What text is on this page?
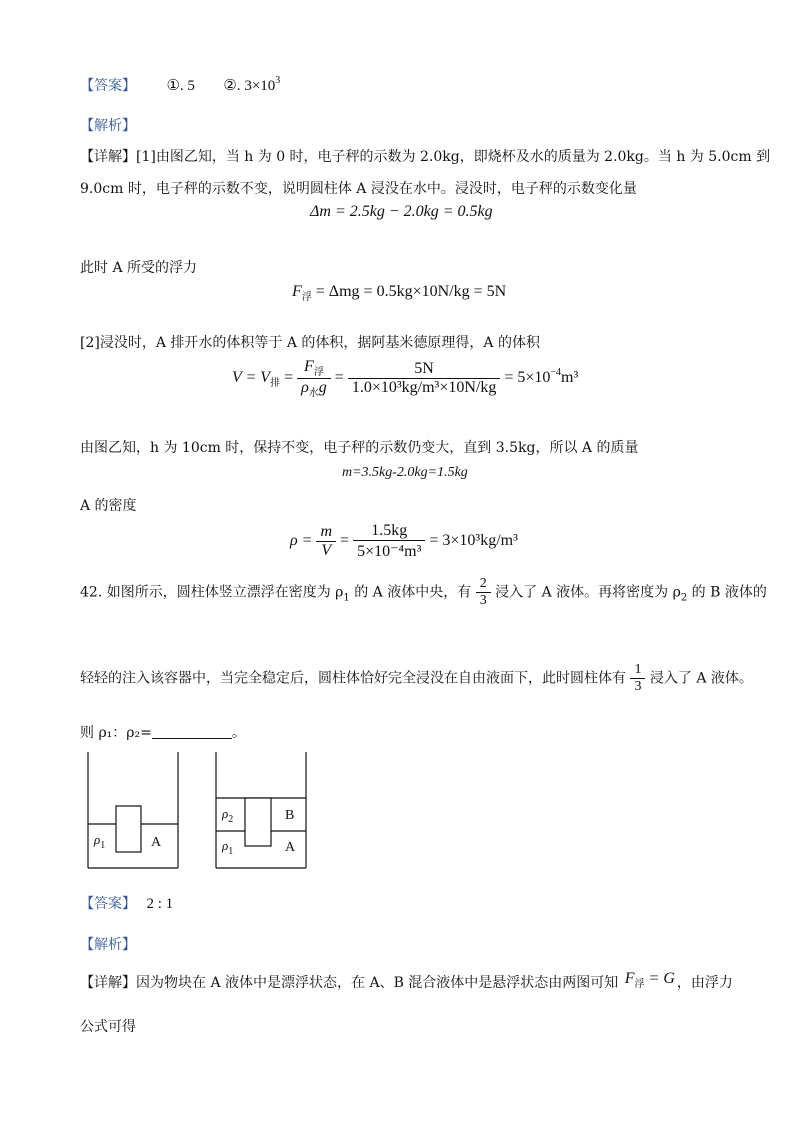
【答案】 ①. 5 ②. $3\times 10^3$
【解析】
【详解】[1]由图乙知，当 h 为 0 时，电子秤的示数为 2.0kg，即烧杯及水的质量为 2.0kg。当 h 为 5.0cm 到
9.0cm 时，电子秤的示数不变，说明圆柱体 A 浸没在水中。浸没时，电子秤的示数变化量
Δm = 2.5kg − 2.0kg = 0.5kg
此时 A 所受的浮力
$F_浮 = \Delta mg = 0.5kg\times 10N/kg = 5N$
[2]浸没时，A 排开水的体积等于 A 的体积，据阿基米德原理得，A 的体积
$V = V_排 = \frac{F_浮}{\rho_水g} = \frac{5N}{\text{1.0×10³kg/m³×10N/kg}} = 5\times 10^{-4}m^3$
由图乙知，h 为 10cm 时，保持不变，电子秤的示数仍变大，直到 3.5kg，所以 A 的质量
m=3.5kg-2.0kg=1.5kg
A 的密度
$\rho = \frac{m}{V} = \frac{1.5kg}{\text{5×10⁻⁴m³}} = 3\times 10^3kg/m^3$
42. 如图所示，圆柱体竖立漂浮在密度为 $\rho_1$ 的 A 液体中央，有 $\frac{2}{3}$ 浸入了 A 液体。再将密度为 $\rho_2$ 的 B 液体的
轻轻的注入该容器中，当完全稳定后，圆柱体恰好完全浸没在自由液面下，此时圆柱体有 $\frac{1}{3}$ 浸入了 A 液体。
则 ρ₁：ρ₂=	。
$\rho_1$	A
$\rho_2$	B
$\rho_1$	A
【答案】 2 : 1
【解析】
【详解】因为物块在 A 液体中是漂浮状态，在 A、B 混合液体中是悬浮状态由两图可知 $F_浮 = G$ ，由浮力
公式可得
